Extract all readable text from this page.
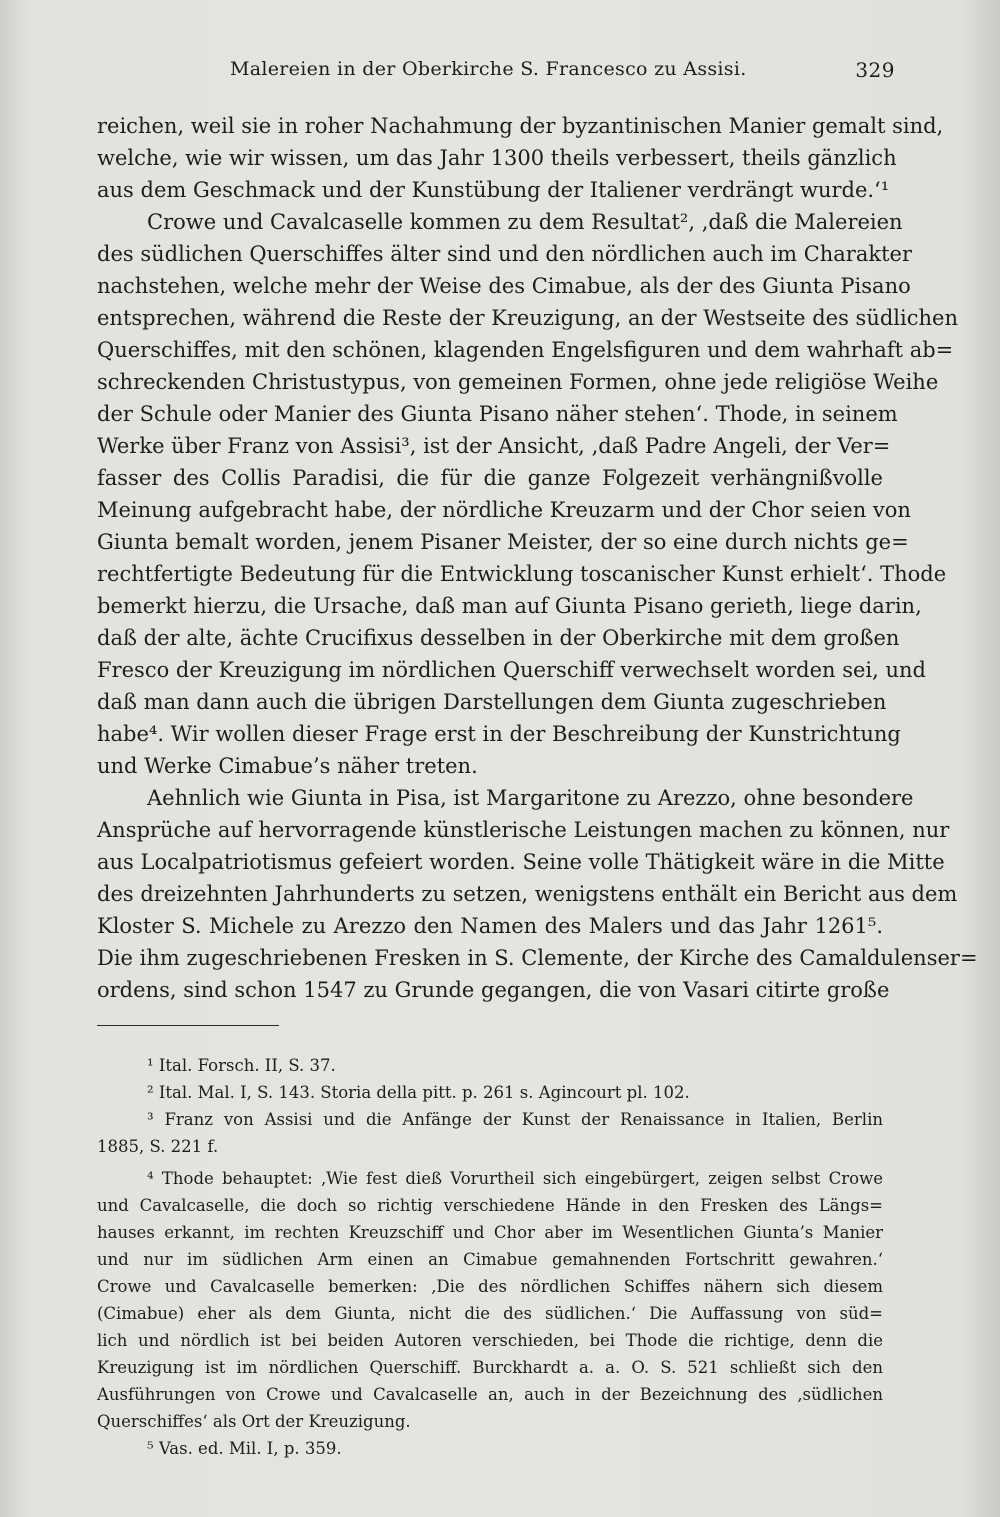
Malereien in der Oberkirche S. Francesco zu Assisi.	329
reichen, weil sie in roher Nachahmung der byzantinischen Manier gemalt sind,
welche, wie wir wissen, um das Jahr 1300 theils verbessert, theils gänzlich
aus dem Geschmack und der Kunstübung der Italiener verdrängt wurde.‘¹
Crowe und Cavalcaselle kommen zu dem Resultat², ‚daß die Malereien
des südlichen Querschiffes älter sind und den nördlichen auch im Charakter
nachstehen, welche mehr der Weise des Cimabue, als der des Giunta Pisano
entsprechen, während die Reste der Kreuzigung, an der Westseite des südlichen
Querschiffes, mit den schönen, klagenden Engelsfiguren und dem wahrhaft ab=
schreckenden Christustypus, von gemeinen Formen, ohne jede religiöse Weihe
der Schule oder Manier des Giunta Pisano näher stehen‘. Thode, in seinem
Werke über Franz von Assisi³, ist der Ansicht, ‚daß Padre Angeli, der Ver=
fasser des Collis Paradisi, die für die ganze Folgezeit verhängnißvolle
Meinung aufgebracht habe, der nördliche Kreuzarm und der Chor seien von
Giunta bemalt worden, jenem Pisaner Meister, der so eine durch nichts ge=
rechtfertigte Bedeutung für die Entwicklung toscanischer Kunst erhielt‘. Thode
bemerkt hierzu, die Ursache, daß man auf Giunta Pisano gerieth, liege darin,
daß der alte, ächte Crucifixus desselben in der Oberkirche mit dem großen
Fresco der Kreuzigung im nördlichen Querschiff verwechselt worden sei, und
daß man dann auch die übrigen Darstellungen dem Giunta zugeschrieben
habe⁴. Wir wollen dieser Frage erst in der Beschreibung der Kunstrichtung
und Werke Cimabue’s näher treten.
Aehnlich wie Giunta in Pisa, ist Margaritone zu Arezzo, ohne besondere
Ansprüche auf hervorragende künstlerische Leistungen machen zu können, nur
aus Localpatriotismus gefeiert worden. Seine volle Thätigkeit wäre in die Mitte
des dreizehnten Jahrhunderts zu setzen, wenigstens enthält ein Bericht aus dem
Kloster S. Michele zu Arezzo den Namen des Malers und das Jahr 1261⁵.
Die ihm zugeschriebenen Fresken in S. Clemente, der Kirche des Camaldulenser=
ordens, sind schon 1547 zu Grunde gegangen, die von Vasari citirte große
¹ Ital. Forsch. II, S. 37.
² Ital. Mal. I, S. 143. Storia della pitt. p. 261 s. Agincourt pl. 102.
³ Franz von Assisi und die Anfänge der Kunst der Renaissance in Italien, Berlin
1885, S. 221 f.
⁴ Thode behauptet: ‚Wie fest dieß Vorurtheil sich eingebürgert, zeigen selbst Crowe
und Cavalcaselle, die doch so richtig verschiedene Hände in den Fresken des Längs=
hauses erkannt, im rechten Kreuzschiff und Chor aber im Wesentlichen Giunta’s Manier
und nur im südlichen Arm einen an Cimabue gemahnenden Fortschritt gewahren.‘
Crowe und Cavalcaselle bemerken: ‚Die des nördlichen Schiffes nähern sich diesem
(Cimabue) eher als dem Giunta, nicht die des südlichen.‘ Die Auffassung von süd=
lich und nördlich ist bei beiden Autoren verschieden, bei Thode die richtige, denn die
Kreuzigung ist im nördlichen Querschiff. Burckhardt a. a. O. S. 521 schließt sich den
Ausführungen von Crowe und Cavalcaselle an, auch in der Bezeichnung des ‚südlichen
Querschiffes‘ als Ort der Kreuzigung.
⁵ Vas. ed. Mil. I, p. 359.
